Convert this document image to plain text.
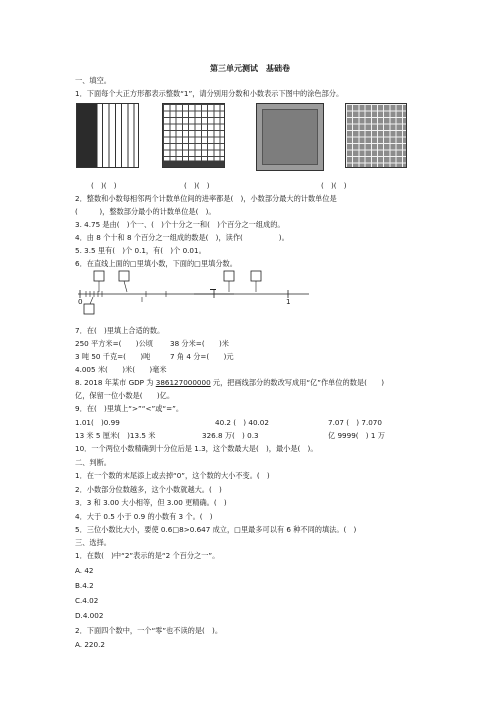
第三单元测试　基础卷
一、填空。
1．下面每个大正方形都表示整数“1”，请分别用分数和小数表示下图中的涂色部分。
(　)(　)	(　)(　)	(　)(　)
2．整数和小数每相邻两个计数单位间的进率都是(　)，小数部分最大的计数单位是
(　　　)，整数部分最小的计数单位是(　)。
3. 4.75 是由(　)个一、(　)个十分之一和(　)个百分之一组成的。
4．由 8 个十和 8 个百分之一组成的数是(　)，读作(　　　　　)。
5. 3.5 里有(　)个 0.1，有(　)个 0.01。
6．在直线上面的□里填小数，下面的□里填分数。
0	1
7．在(　)里填上合适的数。
250 平方米=(　　)公顷 38 分米=(　　)米
3 吨 50 千克=(　　)吨	7 角 4 分=(　　)元
4.005 米(　　)米(　　)毫米
8. 2018 年某市 GDP 为 386127000000 元，把画线部分的数改写成用“亿”作单位的数是(　　)
亿，保留一位小数是(　　)亿。
9．在(　)里填上“>”“<”或“=”。
1.01(　)0.99	40.2 (　) 40.02	7.07 (　) 7.070
13 米 5 厘米(　)13.5 米	326.8 万(　) 0.3	亿 9999(　) 1 万
10．一个两位小数精确到十分位后是 1.3，这个数最大是(　)，最小是(　)。
二、判断。
1．在一个数的末尾添上或去掉“0”，这个数的大小不变。(　)
2．小数部分位数越多，这个小数就越大。(　)
3．3 和 3.00 大小相等，但 3.00 更精确。(　)
4．大于 0.5 小于 0.9 的小数有 3 个。(　)
5．三位小数比大小，要使 0.6□8>0.647 成立，□里最多可以有 6 种不同的填法。(　)
三、选择。
1．在数(　)中“2”表示的是“2 个百分之一”。
A. 42
B.4.2
C.4.02
D.4.002
2．下面四个数中，一个“零”也不读的是(　)。
A. 220.2
